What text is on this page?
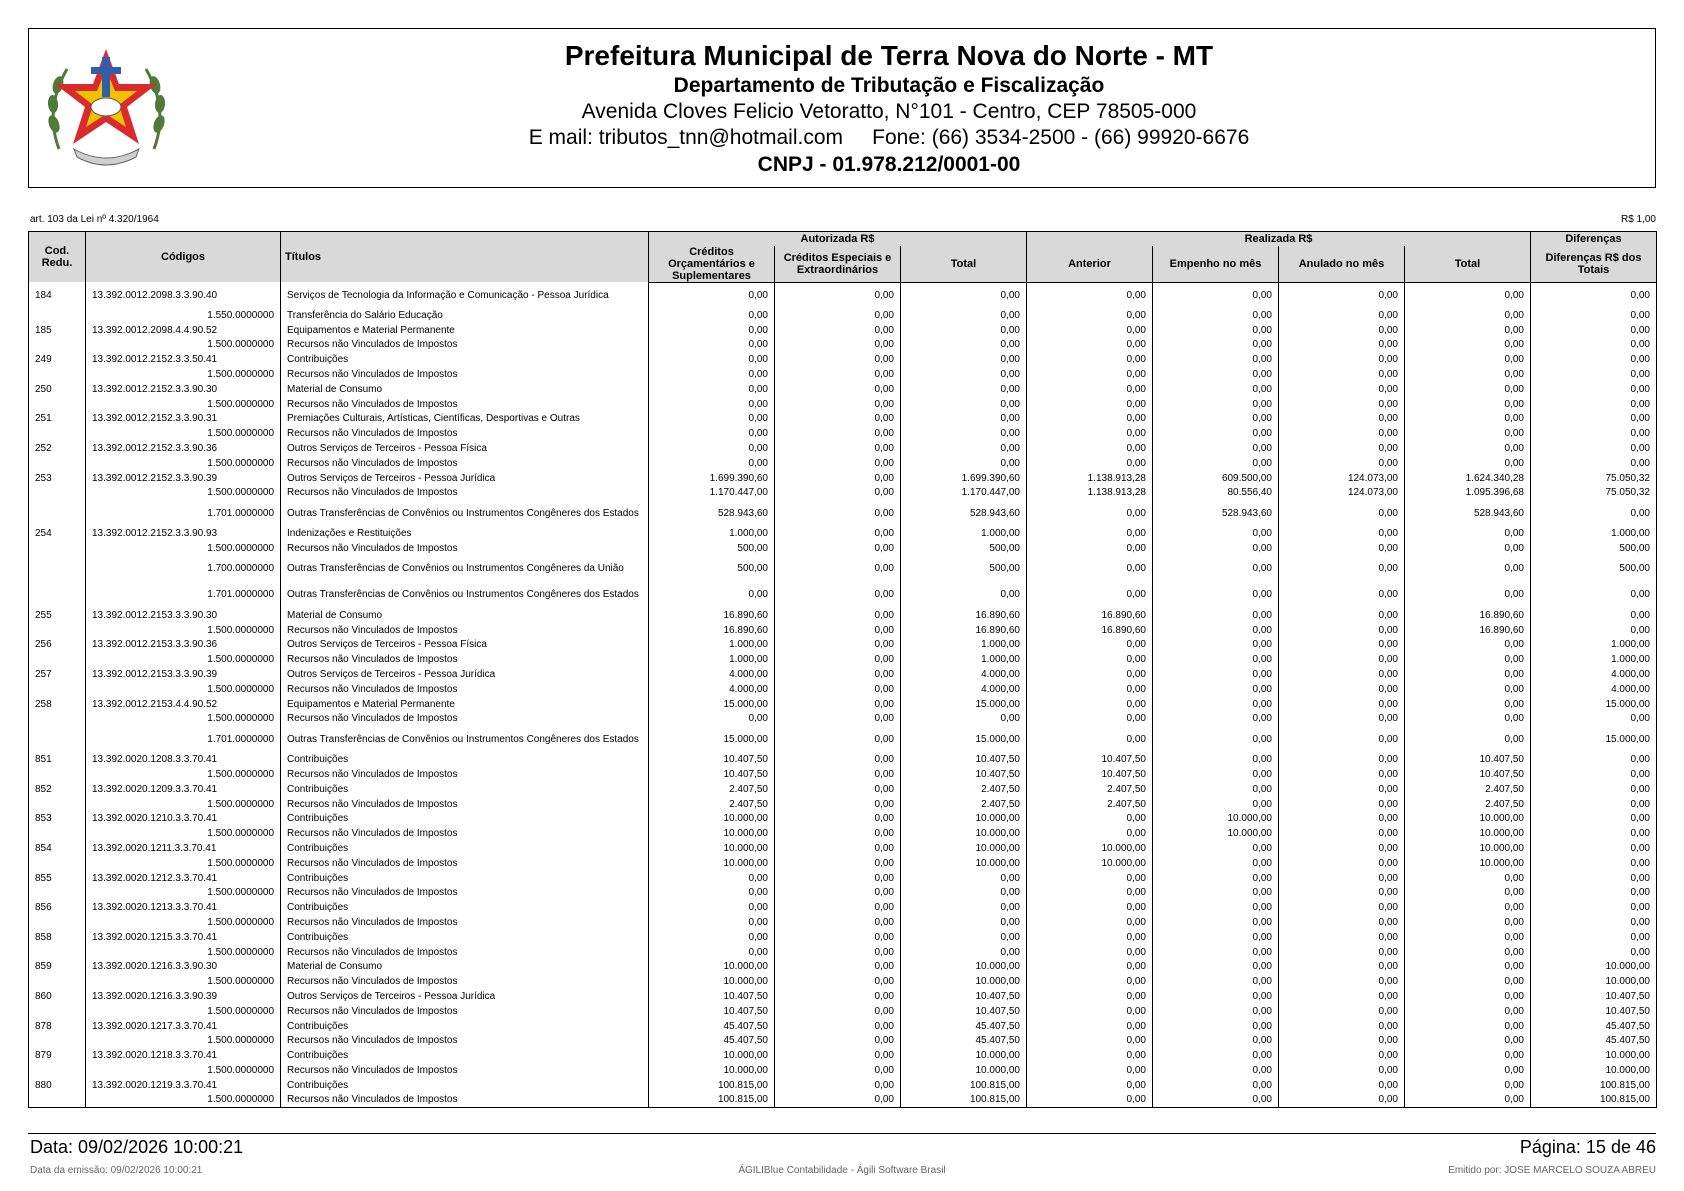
Prefeitura Municipal de Terra Nova do Norte - MT
Departamento de Tributação e Fiscalização
Avenida Cloves Felicio Vetoratto, N°101 - Centro, CEP 78505-000
E mail: tributos_tnn@hotmail.com     Fone: (66) 3534-2500 - (66) 99920-6676
CNPJ - 01.978.212/0001-00
art. 103 da Lei nº 4.320/1964	R$ 1,00
Cod. Redu.	Códigos	Títulos	Autorizada R$			Realizada R$				Diferenças
			Créditos Orçamentários e Suplementares	Créditos Especiais e Extraordinários	Total	Anterior	Empenho no mês	Anulado no mês	Total	Diferenças R$ dos Totais
184	13.392.0012.2098.3.3.90.40	Serviços de Tecnologia da Informação e Comunicação - Pessoa Jurídica	0,00	0,00	0,00	0,00	0,00	0,00	0,00	0,00
	1.550.0000000	Transferência do Salário Educação	0,00	0,00	0,00	0,00	0,00	0,00	0,00	0,00
185	13.392.0012.2098.4.4.90.52	Equipamentos e Material Permanente	0,00	0,00	0,00	0,00	0,00	0,00	0,00	0,00
	1.500.0000000	Recursos não Vinculados de Impostos	0,00	0,00	0,00	0,00	0,00	0,00	0,00	0,00
249	13.392.0012.2152.3.3.50.41	Contribuições	0,00	0,00	0,00	0,00	0,00	0,00	0,00	0,00
	1.500.0000000	Recursos não Vinculados de Impostos	0,00	0,00	0,00	0,00	0,00	0,00	0,00	0,00
250	13.392.0012.2152.3.3.90.30	Material de Consumo	0,00	0,00	0,00	0,00	0,00	0,00	0,00	0,00
	1.500.0000000	Recursos não Vinculados de Impostos	0,00	0,00	0,00	0,00	0,00	0,00	0,00	0,00
251	13.392.0012.2152.3.3.90.31	Premiações Culturais, Artísticas, Científicas, Desportivas e Outras	0,00	0,00	0,00	0,00	0,00	0,00	0,00	0,00
	1.500.0000000	Recursos não Vinculados de Impostos	0,00	0,00	0,00	0,00	0,00	0,00	0,00	0,00
252	13.392.0012.2152.3.3.90.36	Outros Serviços de Terceiros - Pessoa Física	0,00	0,00	0,00	0,00	0,00	0,00	0,00	0,00
	1.500.0000000	Recursos não Vinculados de Impostos	0,00	0,00	0,00	0,00	0,00	0,00	0,00	0,00
253	13.392.0012.2152.3.3.90.39	Outros Serviços de Terceiros - Pessoa Jurídica	1.699.390,60	0,00	1.699.390,60	1.138.913,28	609.500,00	124.073,00	1.624.340,28	75.050,32
	1.500.0000000	Recursos não Vinculados de Impostos	1.170.447,00	0,00	1.170.447,00	1.138.913,28	80.556,40	124.073,00	1.095.396,68	75.050,32
	1.701.0000000	Outras Transferências de Convênios ou Instrumentos Congêneres dos Estados	528.943,60	0,00	528.943,60	0,00	528.943,60	0,00	528.943,60	0,00
254	13.392.0012.2152.3.3.90.93	Indenizações e Restituições	1.000,00	0,00	1.000,00	0,00	0,00	0,00	0,00	1.000,00
	1.500.0000000	Recursos não Vinculados de Impostos	500,00	0,00	500,00	0,00	0,00	0,00	0,00	500,00
	1.700.0000000	Outras Transferências de Convênios ou Instrumentos Congêneres da União	500,00	0,00	500,00	0,00	0,00	0,00	0,00	500,00
	1.701.0000000	Outras Transferências de Convênios ou Instrumentos Congêneres dos Estados	0,00	0,00	0,00	0,00	0,00	0,00	0,00	0,00
255	13.392.0012.2153.3.3.90.30	Material de Consumo	16.890,60	0,00	16.890,60	16.890,60	0,00	0,00	16.890,60	0,00
	1.500.0000000	Recursos não Vinculados de Impostos	16.890,60	0,00	16.890,60	16.890,60	0,00	0,00	16.890,60	0,00
256	13.392.0012.2153.3.3.90.36	Outros Serviços de Terceiros - Pessoa Física	1.000,00	0,00	1.000,00	0,00	0,00	0,00	0,00	1.000,00
	1.500.0000000	Recursos não Vinculados de Impostos	1.000,00	0,00	1.000,00	0,00	0,00	0,00	0,00	1.000,00
257	13.392.0012.2153.3.3.90.39	Outros Serviços de Terceiros - Pessoa Jurídica	4.000,00	0,00	4.000,00	0,00	0,00	0,00	0,00	4.000,00
	1.500.0000000	Recursos não Vinculados de Impostos	4.000,00	0,00	4.000,00	0,00	0,00	0,00	0,00	4.000,00
258	13.392.0012.2153.4.4.90.52	Equipamentos e Material Permanente	15.000,00	0,00	15.000,00	0,00	0,00	0,00	0,00	15.000,00
	1.500.0000000	Recursos não Vinculados de Impostos	0,00	0,00	0,00	0,00	0,00	0,00	0,00	0,00
	1.701.0000000	Outras Transferências de Convênios ou Instrumentos Congêneres dos Estados	15.000,00	0,00	15.000,00	0,00	0,00	0,00	0,00	15.000,00
851	13.392.0020.1208.3.3.70.41	Contribuições	10.407,50	0,00	10.407,50	10.407,50	0,00	0,00	10.407,50	0,00
	1.500.0000000	Recursos não Vinculados de Impostos	10.407,50	0,00	10.407,50	10.407,50	0,00	0,00	10.407,50	0,00
852	13.392.0020.1209.3.3.70.41	Contribuições	2.407,50	0,00	2.407,50	2.407,50	0,00	0,00	2.407,50	0,00
	1.500.0000000	Recursos não Vinculados de Impostos	2.407,50	0,00	2.407,50	2.407,50	0,00	0,00	2.407,50	0,00
853	13.392.0020.1210.3.3.70.41	Contribuições	10.000,00	0,00	10.000,00	0,00	10.000,00	0,00	10.000,00	0,00
	1.500.0000000	Recursos não Vinculados de Impostos	10.000,00	0,00	10.000,00	0,00	10.000,00	0,00	10.000,00	0,00
854	13.392.0020.1211.3.3.70.41	Contribuições	10.000,00	0,00	10.000,00	10.000,00	0,00	0,00	10.000,00	0,00
	1.500.0000000	Recursos não Vinculados de Impostos	10.000,00	0,00	10.000,00	10.000,00	0,00	0,00	10.000,00	0,00
855	13.392.0020.1212.3.3.70.41	Contribuições	0,00	0,00	0,00	0,00	0,00	0,00	0,00	0,00
	1.500.0000000	Recursos não Vinculados de Impostos	0,00	0,00	0,00	0,00	0,00	0,00	0,00	0,00
856	13.392.0020.1213.3.3.70.41	Contribuições	0,00	0,00	0,00	0,00	0,00	0,00	0,00	0,00
	1.500.0000000	Recursos não Vinculados de Impostos	0,00	0,00	0,00	0,00	0,00	0,00	0,00	0,00
858	13.392.0020.1215.3.3.70.41	Contribuições	0,00	0,00	0,00	0,00	0,00	0,00	0,00	0,00
	1.500.0000000	Recursos não Vinculados de Impostos	0,00	0,00	0,00	0,00	0,00	0,00	0,00	0,00
859	13.392.0020.1216.3.3.90.30	Material de Consumo	10.000,00	0,00	10.000,00	0,00	0,00	0,00	0,00	10.000,00
	1.500.0000000	Recursos não Vinculados de Impostos	10.000,00	0,00	10.000,00	0,00	0,00	0,00	0,00	10.000,00
860	13.392.0020.1216.3.3.90.39	Outros Serviços de Terceiros - Pessoa Jurídica	10.407,50	0,00	10.407,50	0,00	0,00	0,00	0,00	10.407,50
	1.500.0000000	Recursos não Vinculados de Impostos	10.407,50	0,00	10.407,50	0,00	0,00	0,00	0,00	10.407,50
878	13.392.0020.1217.3.3.70.41	Contribuições	45.407,50	0,00	45.407,50	0,00	0,00	0,00	0,00	45.407,50
	1.500.0000000	Recursos não Vinculados de Impostos	45.407,50	0,00	45.407,50	0,00	0,00	0,00	0,00	45.407,50
879	13.392.0020.1218.3.3.70.41	Contribuições	10.000,00	0,00	10.000,00	0,00	0,00	0,00	0,00	10.000,00
	1.500.0000000	Recursos não Vinculados de Impostos	10.000,00	0,00	10.000,00	0,00	0,00	0,00	0,00	10.000,00
880	13.392.0020.1219.3.3.70.41	Contribuições	100.815,00	0,00	100.815,00	0,00	0,00	0,00	0,00	100.815,00
	1.500.0000000	Recursos não Vinculados de Impostos	100.815,00	0,00	100.815,00	0,00	0,00	0,00	0,00	100.815,00
Data: 09/02/2026 10:00:21	Página: 15 de 46
Data da emissão: 09/02/2026 10:00:21	ÁGILIBlue Contabilidade - Ágili Software Brasil	Emitido por: JOSE MARCELO SOUZA ABREU
